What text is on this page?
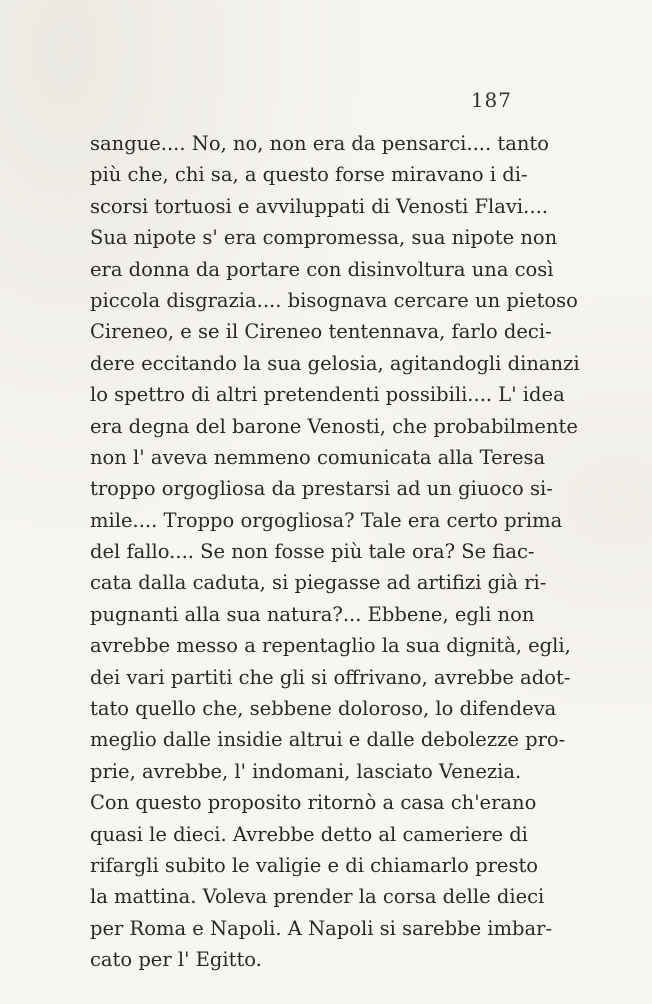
187
sangue.... No, no, non era da pensarci.... tanto
più che, chi sa, a questo forse miravano i di-
scorsi tortuosi e avviluppati di Venosti Flavi....
Sua nipote s' era compromessa, sua nipote non
era donna da portare con disinvoltura una così
piccola disgrazia.... bisognava cercare un pietoso
Cireneo, e se il Cireneo tentennava, farlo deci-
dere eccitando la sua gelosia, agitandogli dinanzi
lo spettro di altri pretendenti possibili.... L' idea
era degna del barone Venosti, che probabilmente
non l' aveva nemmeno comunicata alla Teresa
troppo orgogliosa da prestarsi ad un giuoco si-
mile.... Troppo orgogliosa? Tale era certo prima
del fallo.... Se non fosse più tale ora? Se fiac-
cata dalla caduta, si piegasse ad artifizi già ri-
pugnanti alla sua natura?... Ebbene, egli non
avrebbe messo a repentaglio la sua dignità, egli,
dei vari partiti che gli si offrivano, avrebbe adot-
tato quello che, sebbene doloroso, lo difendeva
meglio dalle insidie altrui e dalle debolezze pro-
prie, avrebbe, l' indomani, lasciato Venezia.
Con questo proposito ritornò a casa ch'erano
quasi le dieci. Avrebbe detto al cameriere di
rifargli subito le valigie e di chiamarlo presto
la mattina. Voleva prender la corsa delle dieci
per Roma e Napoli. A Napoli si sarebbe imbar-
cato per l' Egitto.
